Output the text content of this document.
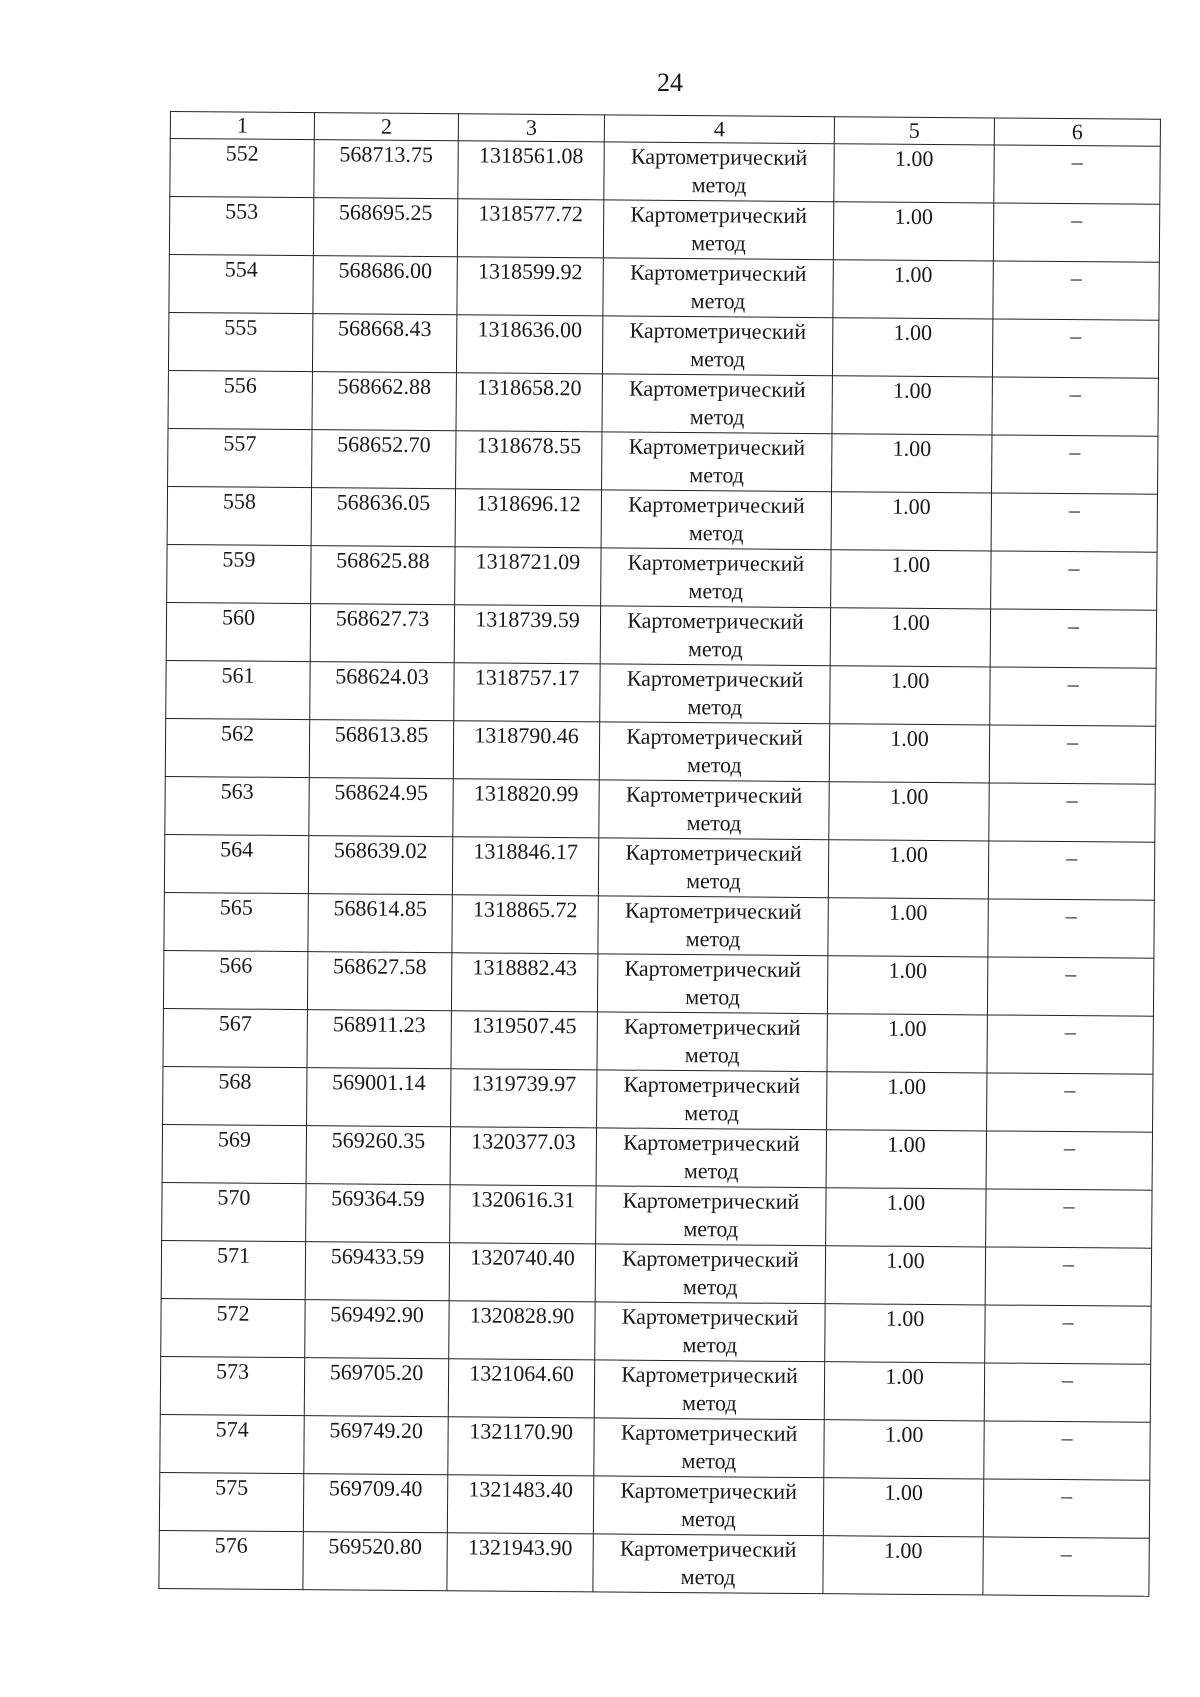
24
1	2	3	4	5	6
552	568713.75	1318561.08	Картометрический метод	1.00	–
553	568695.25	1318577.72	Картометрический метод	1.00	–
554	568686.00	1318599.92	Картометрический метод	1.00	–
555	568668.43	1318636.00	Картометрический метод	1.00	–
556	568662.88	1318658.20	Картометрический метод	1.00	–
557	568652.70	1318678.55	Картометрический метод	1.00	–
558	568636.05	1318696.12	Картометрический метод	1.00	–
559	568625.88	1318721.09	Картометрический метод	1.00	–
560	568627.73	1318739.59	Картометрический метод	1.00	–
561	568624.03	1318757.17	Картометрический метод	1.00	–
562	568613.85	1318790.46	Картометрический метод	1.00	–
563	568624.95	1318820.99	Картометрический метод	1.00	–
564	568639.02	1318846.17	Картометрический метод	1.00	–
565	568614.85	1318865.72	Картометрический метод	1.00	–
566	568627.58	1318882.43	Картометрический метод	1.00	–
567	568911.23	1319507.45	Картометрический метод	1.00	–
568	569001.14	1319739.97	Картометрический метод	1.00	–
569	569260.35	1320377.03	Картометрический метод	1.00	–
570	569364.59	1320616.31	Картометрический метод	1.00	–
571	569433.59	1320740.40	Картометрический метод	1.00	–
572	569492.90	1320828.90	Картометрический метод	1.00	–
573	569705.20	1321064.60	Картометрический метод	1.00	–
574	569749.20	1321170.90	Картометрический метод	1.00	–
575	569709.40	1321483.40	Картометрический метод	1.00	–
576	569520.80	1321943.90	Картометрический метод	1.00	–
